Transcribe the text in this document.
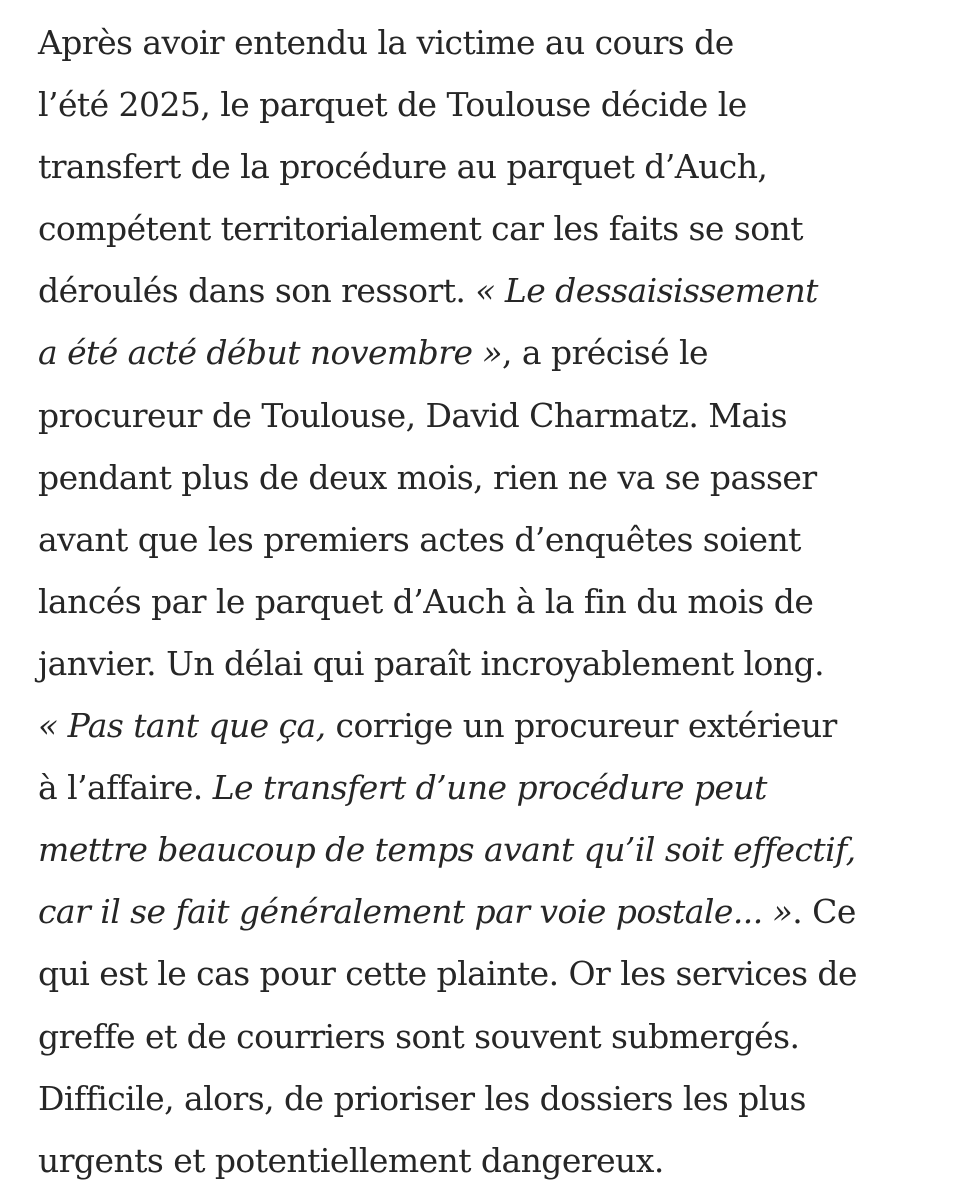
Après avoir entendu la victime au cours de
l’été 2025, le parquet de Toulouse décide le
transfert de la procédure au parquet d’Auch,
compétent territorialement car les faits se sont
déroulés dans son ressort. « Le dessaisissement
a été acté début novembre », a précisé le
procureur de Toulouse, David Charmatz. Mais
pendant plus de deux mois, rien ne va se passer
avant que les premiers actes d’enquêtes soient
lancés par le parquet d’Auch à la fin du mois de
janvier. Un délai qui paraît incroyablement long.
« Pas tant que ça, corrige un procureur extérieur
à l’affaire. Le transfert d’une procédure peut
mettre beaucoup de temps avant qu’il soit effectif,
car il se fait généralement par voie postale... ». Ce
qui est le cas pour cette plainte. Or les services de
greffe et de courriers sont souvent submergés.
Difficile, alors, de prioriser les dossiers les plus
urgents et potentiellement dangereux.
